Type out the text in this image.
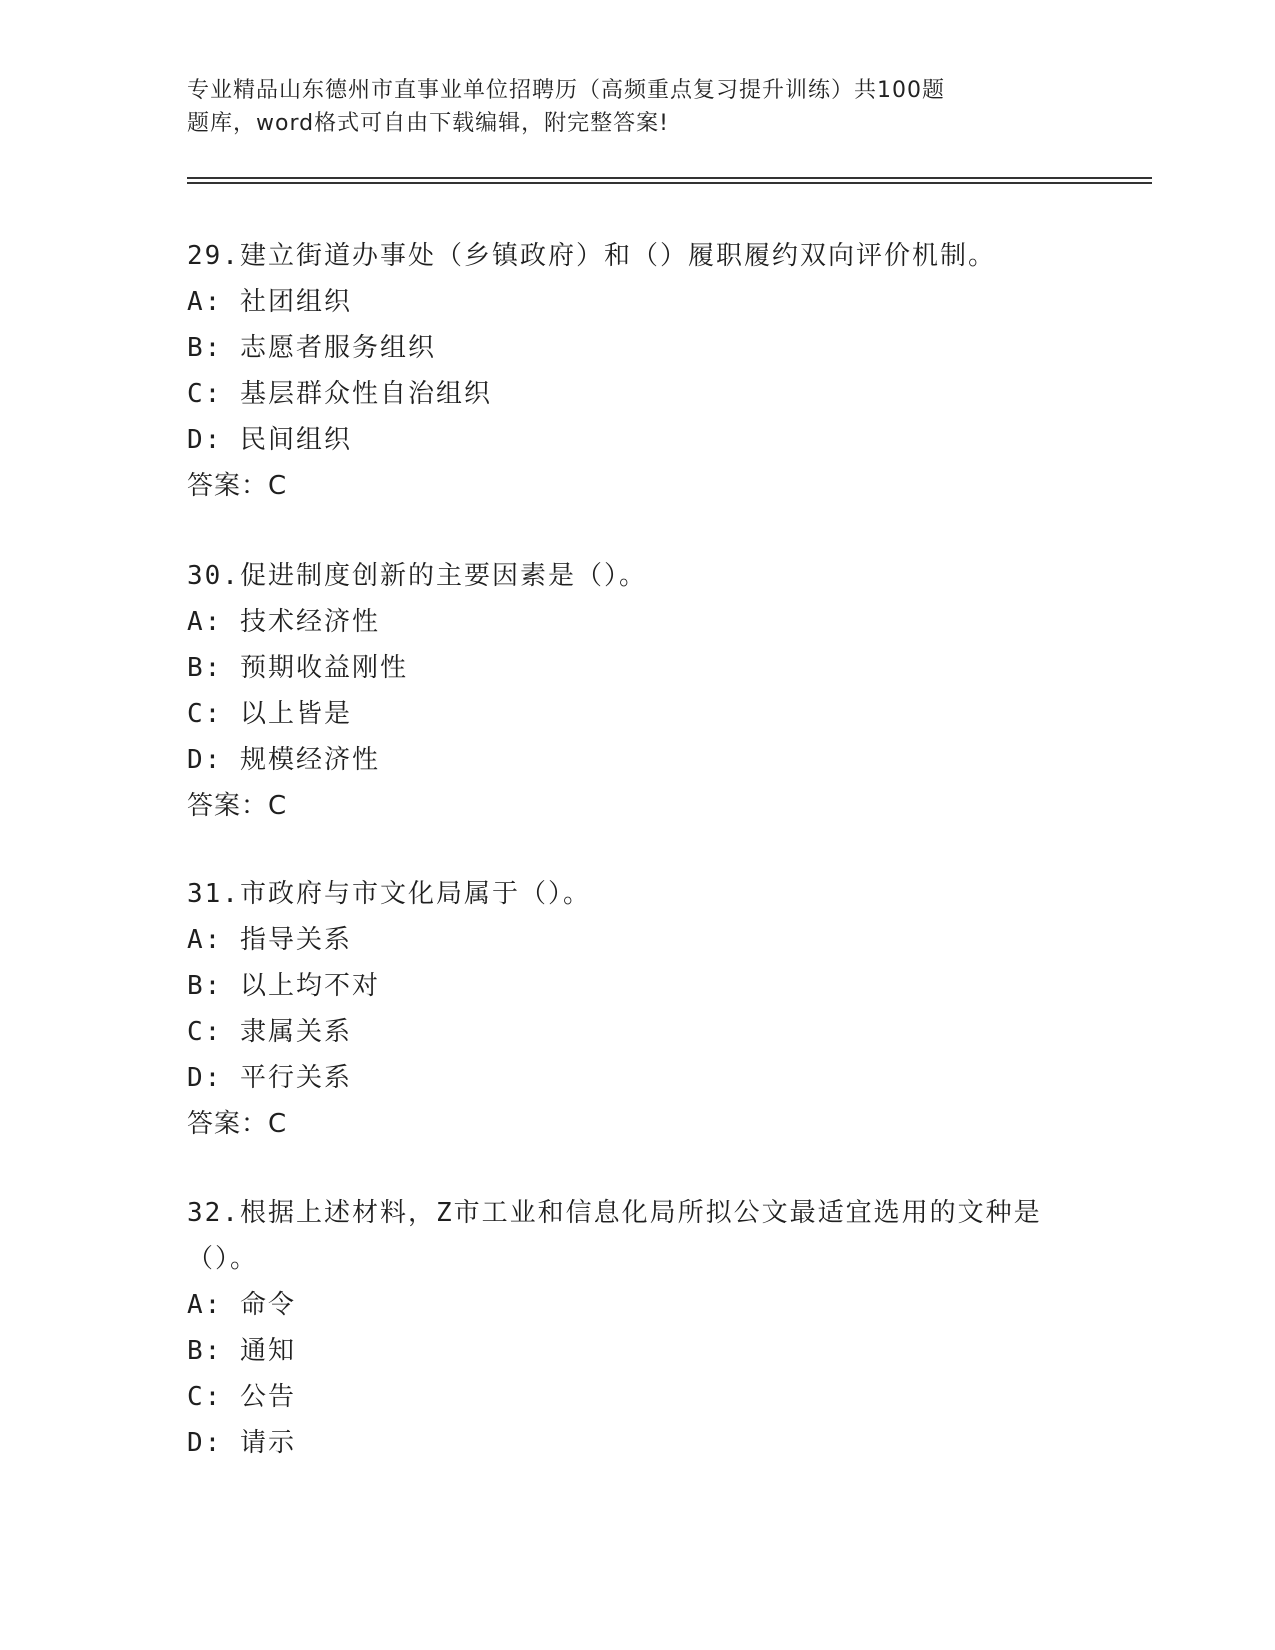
专业精品山东德州市直事业单位招聘历（高频重点复习提升训练）共100题
题库，word格式可自由下载编辑，附完整答案!
29.建立街道办事处（乡镇政府）和（）履职履约双向评价机制。
A: 社团组织
B: 志愿者服务组织
C: 基层群众性自治组织
D: 民间组织
答案：C
30.促进制度创新的主要因素是（）。
A: 技术经济性
B: 预期收益刚性
C: 以上皆是
D: 规模经济性
答案：C
31.市政府与市文化局属于（）。
A: 指导关系
B: 以上均不对
C: 隶属关系
D: 平行关系
答案：C
32.根据上述材料，Z市工业和信息化局所拟公文最适宜选用的文种是（）。
A: 命令
B: 通知
C: 公告
D: 请示
